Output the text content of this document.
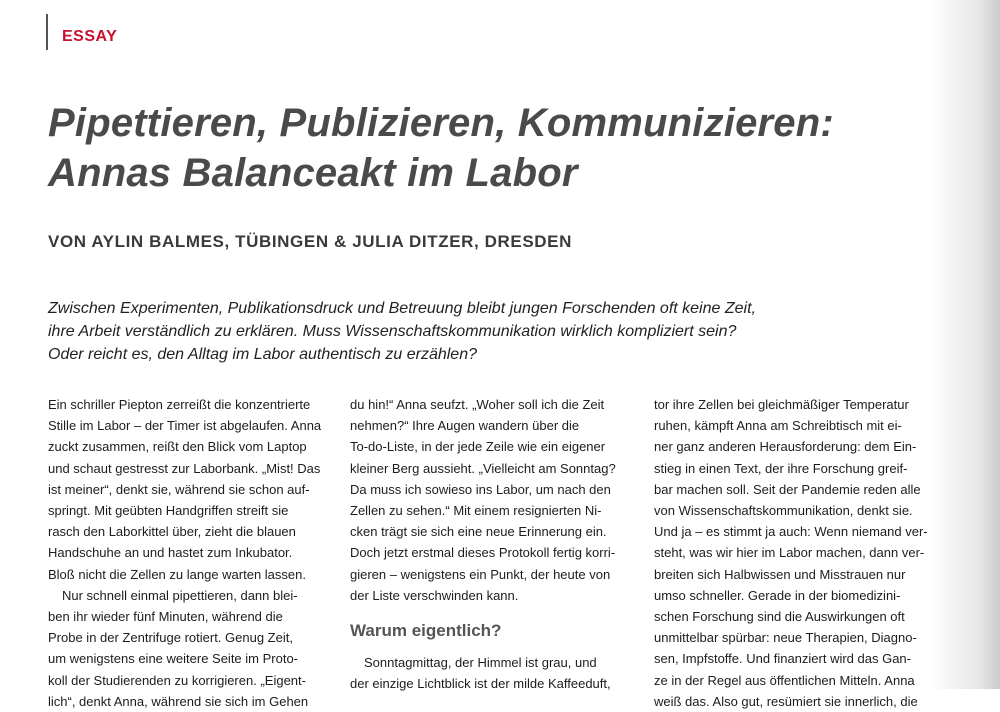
ESSAY
Pipettieren, Publizieren, Kommunizieren:
Annas Balanceakt im Labor
VON AYLIN BALMES, TÜBINGEN & JULIA DITZER, DRESDEN
Zwischen Experimenten, Publikationsdruck und Betreuung bleibt jungen Forschenden oft keine Zeit,
ihre Arbeit verständlich zu erklären. Muss Wissenschaftskommunikation wirklich kompliziert sein?
Oder reicht es, den Alltag im Labor authentisch zu erzählen?
Ein schriller Piepton zerreißt die konzentrierte
Stille im Labor – der Timer ist abgelaufen. Anna
zuckt zusammen, reißt den Blick vom Laptop
und schaut gestresst zur Laborbank. „Mist! Das
ist meiner“, denkt sie, während sie schon auf-
springt. Mit geübten Handgriffen streift sie
rasch den Laborkittel über, zieht die blauen
Handschuhe an und hastet zum Inkubator.
Bloß nicht die Zellen zu lange warten lassen.
Nur schnell einmal pipettieren, dann blei-
ben ihr wieder fünf Minuten, während die
Probe in der Zentrifuge rotiert. Genug Zeit,
um wenigstens eine weitere Seite im Proto-
koll der Studierenden zu korrigieren. „Eigent-
lich“, denkt Anna, während sie sich im Gehen
du hin!“ Anna seufzt. „Woher soll ich die Zeit
nehmen?“ Ihre Augen wandern über die
To-do-Liste, in der jede Zeile wie ein eigener
kleiner Berg aussieht. „Vielleicht am Sonntag?
Da muss ich sowieso ins Labor, um nach den
Zellen zu sehen.“ Mit einem resignierten Ni-
cken trägt sie sich eine neue Erinnerung ein.
Doch jetzt erstmal dieses Protokoll fertig korri-
gieren – wenigstens ein Punkt, der heute von
der Liste verschwinden kann.
Warum eigentlich?
Sonntagmittag, der Himmel ist grau, und
der einzige Lichtblick ist der milde Kaffeeduft,
tor ihre Zellen bei gleichmäßiger Temperatur
ruhen, kämpft Anna am Schreibtisch mit ei-
ner ganz anderen Herausforderung: dem Ein-
stieg in einen Text, der ihre Forschung greif-
bar machen soll. Seit der Pandemie reden alle
von Wissenschaftskommunikation, denkt sie.
Und ja – es stimmt ja auch: Wenn niemand ver-
steht, was wir hier im Labor machen, dann ver-
breiten sich Halbwissen und Misstrauen nur
umso schneller. Gerade in der biomedizini-
schen Forschung sind die Auswirkungen oft
unmittelbar spürbar: neue Therapien, Diagno-
sen, Impfstoffe. Und finanziert wird das Gan-
ze in der Regel aus öffentlichen Mitteln. Anna
weiß das. Also gut, resümiert sie innerlich, die
